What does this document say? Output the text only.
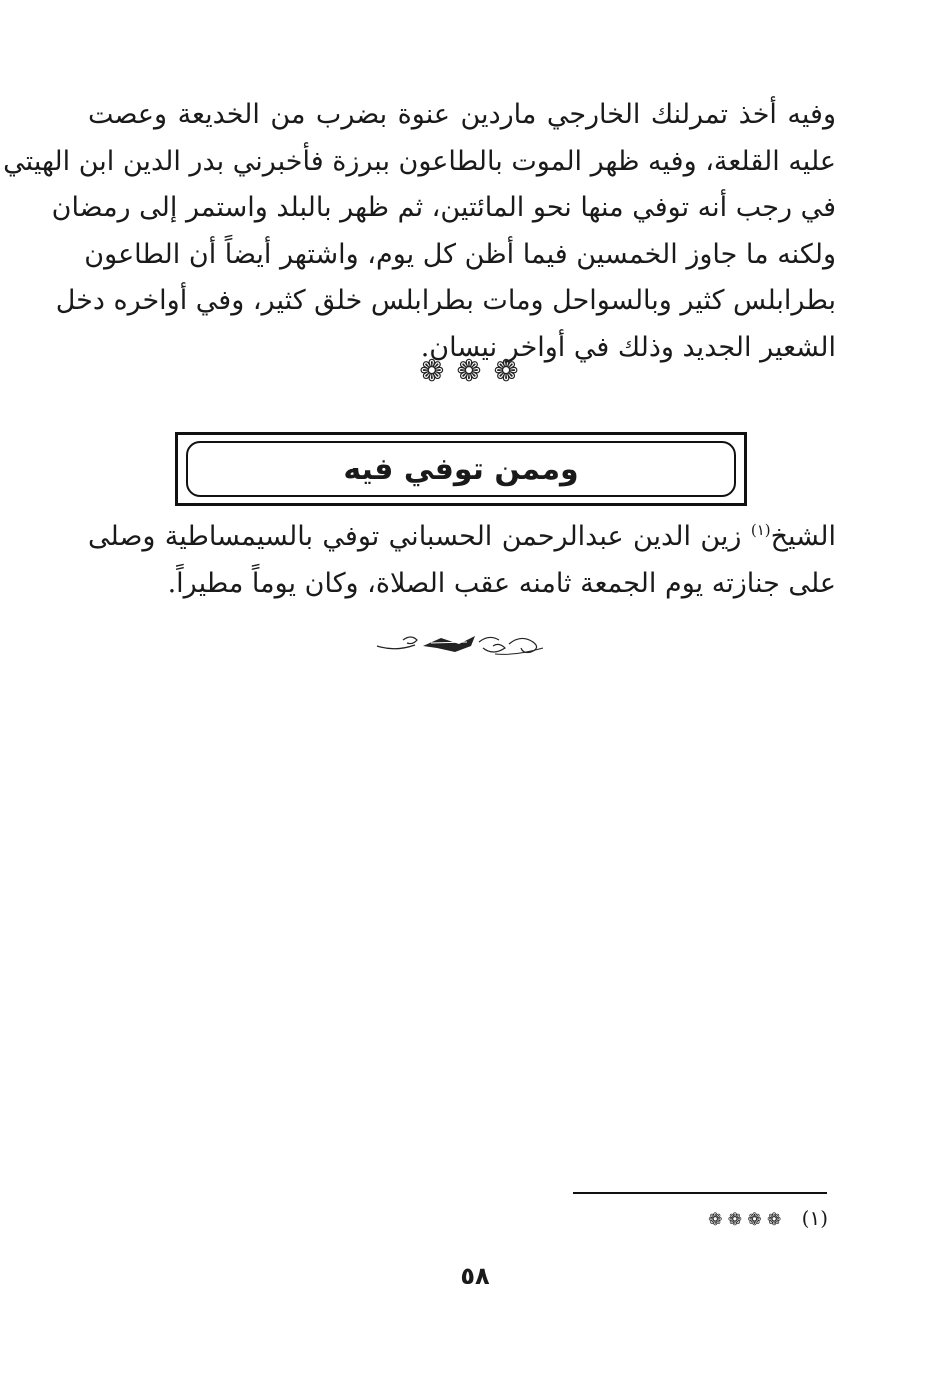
وفيه أخذ تمرلنك الخارجي ماردين عنوة بضرب من الخديعة وعصت
عليه القلعة، وفيه ظهر الموت بالطاعون ببرزة فأخبرني بدر الدين ابن الهيتي
في رجب أنه توفي منها نحو المائتين، ثم ظهر بالبلد واستمر إلى رمضان
ولكنه ما جاوز الخمسين فيما أظن كل يوم، واشتهر أيضاً أن الطاعون
بطرابلس كثير وبالسواحل ومات بطرابلس خلق كثير، وفي أواخره دخل
الشعير الجديد وذلك في أواخر نيسان.
❁❁❁
وممن توفي فيه
الشيخ$^{(١)}$ زين الدين عبدالرحمن الحسباني توفي بالسيمساطية وصلى
على جنازته يوم الجمعة ثامنه عقب الصلاة، وكان يوماً مطيراً.
(١) ❁ ❁ ❁ ❁
٥٨
